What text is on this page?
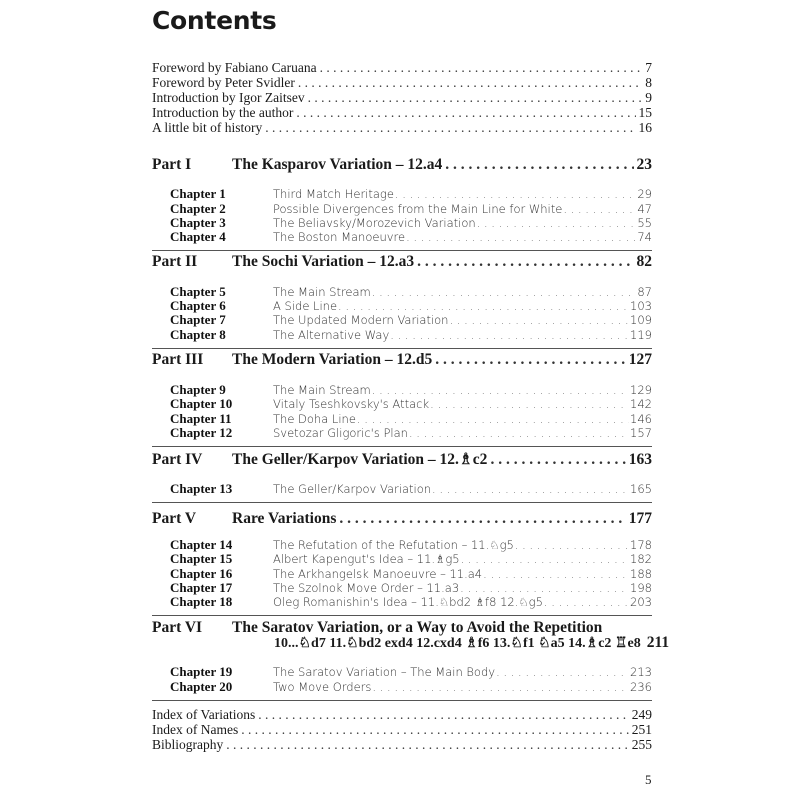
Contents
Foreword by Fabiano Caruana . . .	7
Foreword by Peter Svidler . . .	8
Introduction by Igor Zaitsev . . .	9
Introduction by the author . . .	15
A little bit of history . . .	16
Part I	The Kasparov Variation – 12.a4 . . .	23
Chapter 1	Third Match Heritage . . .	29
Chapter 2	Possible Divergences from the Main Line for White . . .	47
Chapter 3	The Beliavsky/Morozevich Variation . . .	55
Chapter 4	The Boston Manoeuvre . . .	74
Part II	The Sochi Variation – 12.a3 . . .	82
Chapter 5	The Main Stream . . .	87
Chapter 6	A Side Line . . .	103
Chapter 7	The Updated Modern Variation . . .	109
Chapter 8	The Alternative Way . . .	119
Part III	The Modern Variation – 12.d5 . . .	127
Chapter 9	The Main Stream . . .	129
Chapter 10	Vitaly Tseshkovsky's Attack . . .	142
Chapter 11	The Doha Line . . .	146
Chapter 12	Svetozar Gligoric's Plan . . .	157
Part IV	The Geller/Karpov Variation – 12.♗c2 . . .	163
Chapter 13	The Geller/Karpov Variation . . .	165
Part V	Rare Variations . . .	177
Chapter 14	The Refutation of the Refutation – 11.♘g5 . . .	178
Chapter 15	Albert Kapengut's Idea – 11.♗g5 . . .	182
Chapter 16	The Arkhangelsk Manoeuvre – 11.a4 . . .	188
Chapter 17	The Szolnok Move Order – 11.a3 . . .	198
Chapter 18	Oleg Romanishin's Idea – 11.♘bd2 ♗f8 12.♘g5 . . .	203
Part VI	The Saratov Variation, or a Way to Avoid the Repetition
10...♘d7 11.♘bd2 exd4 12.cxd4 ♗f6 13.♘f1 ♘a5 14.♗c2 ♖e8 211
Chapter 19	The Saratov Variation – The Main Body . . .	213
Chapter 20	Two Move Orders . . .	236
Index of Variations . . .	249
Index of Names . . .	251
Bibliography . . .	255
5
